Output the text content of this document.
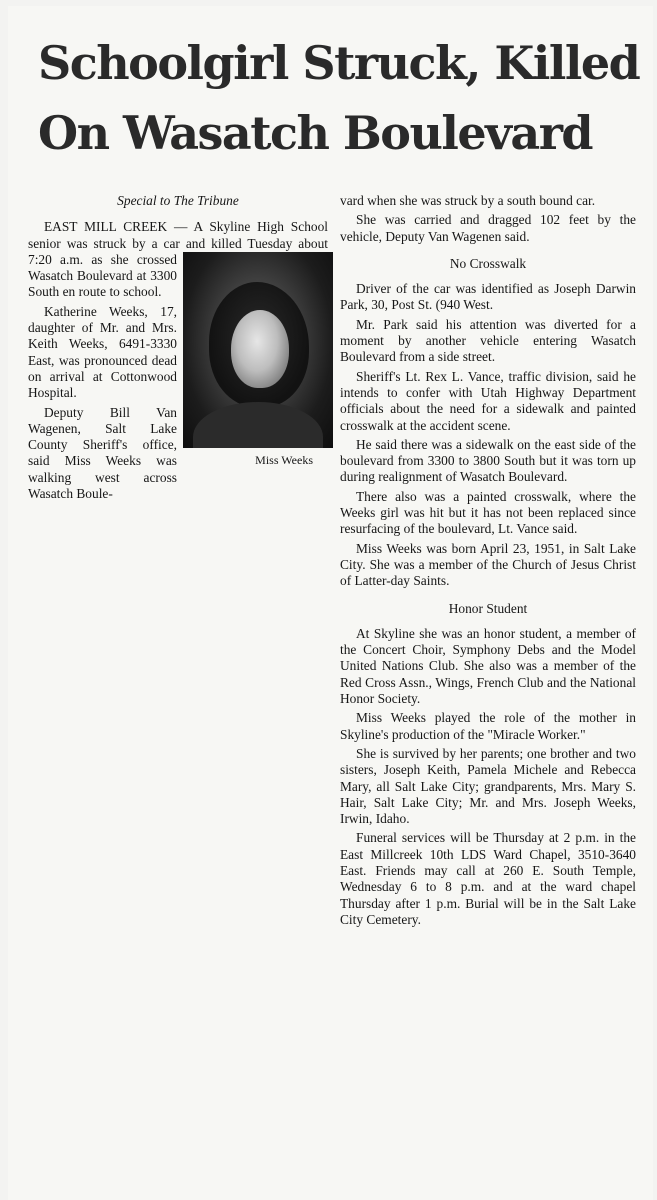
Schoolgirl Struck, Killed
On Wasatch Boulevard
Special to The Tribune

EAST MILL CREEK — A Skyline High School senior was struck by a car and killed Tuesday about 7:20 a.m. as
Miss Weeks
she crossed Wasatch Boulevard at 3300 South en route to school.

Katherine Weeks, 17, daughter of Mr. and Mrs. Keith Weeks, 6491-3330 East, was pronounced dead on arrival at Cottonwood Hospital.

Deputy Bill Van Wagenen, Salt Lake County Sheriff's office, said Miss Weeks was walking west across Wasatch Boule-

vard when she was struck by a south bound car.

She was carried and dragged 102 feet by the vehicle, Deputy Van Wagenen said.

No Crosswalk

Driver of the car was identified as Joseph Darwin Park, 30, Post St. (940 West.

Mr. Park said his attention was diverted for a moment by another vehicle entering Wasatch Boulevard from a side street.

Sheriff's Lt. Rex L. Vance, traffic division, said he intends to confer with Utah Highway Department officials about the need for a sidewalk and painted crosswalk at the accident scene.

He said there was a sidewalk on the east side of the boulevard from 3300 to 3800 South but it was torn up during realignment of Wasatch Boulevard.

There also was a painted crosswalk, where the Weeks girl was hit but it has not been replaced since resurfacing of the boulevard, Lt. Vance said.

Miss Weeks was born April 23, 1951, in Salt Lake City. She was a member of the Church of Jesus Christ of Latter-day Saints.

Honor Student

At Skyline she was an honor student, a member of the Concert Choir, Symphony Debs and the Model United Nations Club. She also was a member of the Red Cross Assn., Wings, French Club and the National Honor Society.

Miss Weeks played the role of the mother in Skyline's production of the "Miracle Worker."

She is survived by her parents; one brother and two sisters, Joseph Keith, Pamela Michele and Rebecca Mary, all Salt Lake City; grandparents, Mrs. Mary S. Hair, Salt Lake City; Mr. and Mrs. Joseph Weeks, Irwin, Idaho.

Funeral services will be Thursday at 2 p.m. in the East Millcreek 10th LDS Ward Chapel, 3510-3640 East. Friends may call at 260 E. South Temple, Wednesday 6 to 8 p.m. and at the ward chapel Thursday after 1 p.m. Burial will be in the Salt Lake City Cemetery.
